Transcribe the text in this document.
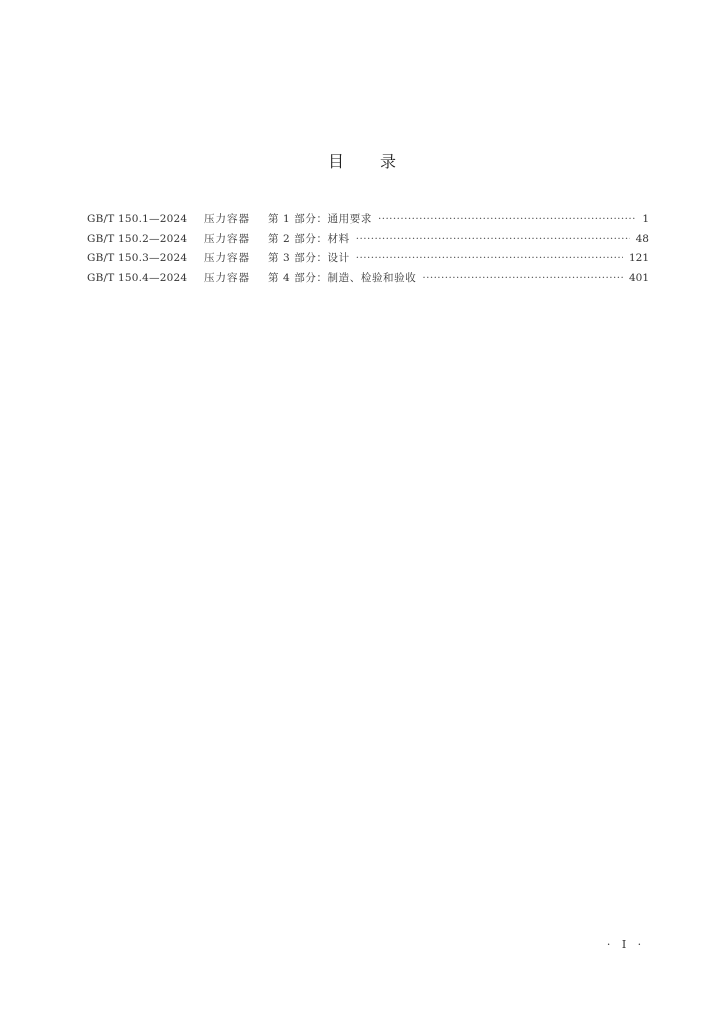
目 录
GB/T 150.1—2024	压力容器	第 1 部分：通用要求 ·····	1
GB/T 150.2—2024	压力容器	第 2 部分：材料 ·····	48
GB/T 150.3—2024	压力容器	第 3 部分：设计 ·····	121
GB/T 150.4—2024	压力容器	第 4 部分：制造、检验和验收 ·····	401
· Ⅰ ·
